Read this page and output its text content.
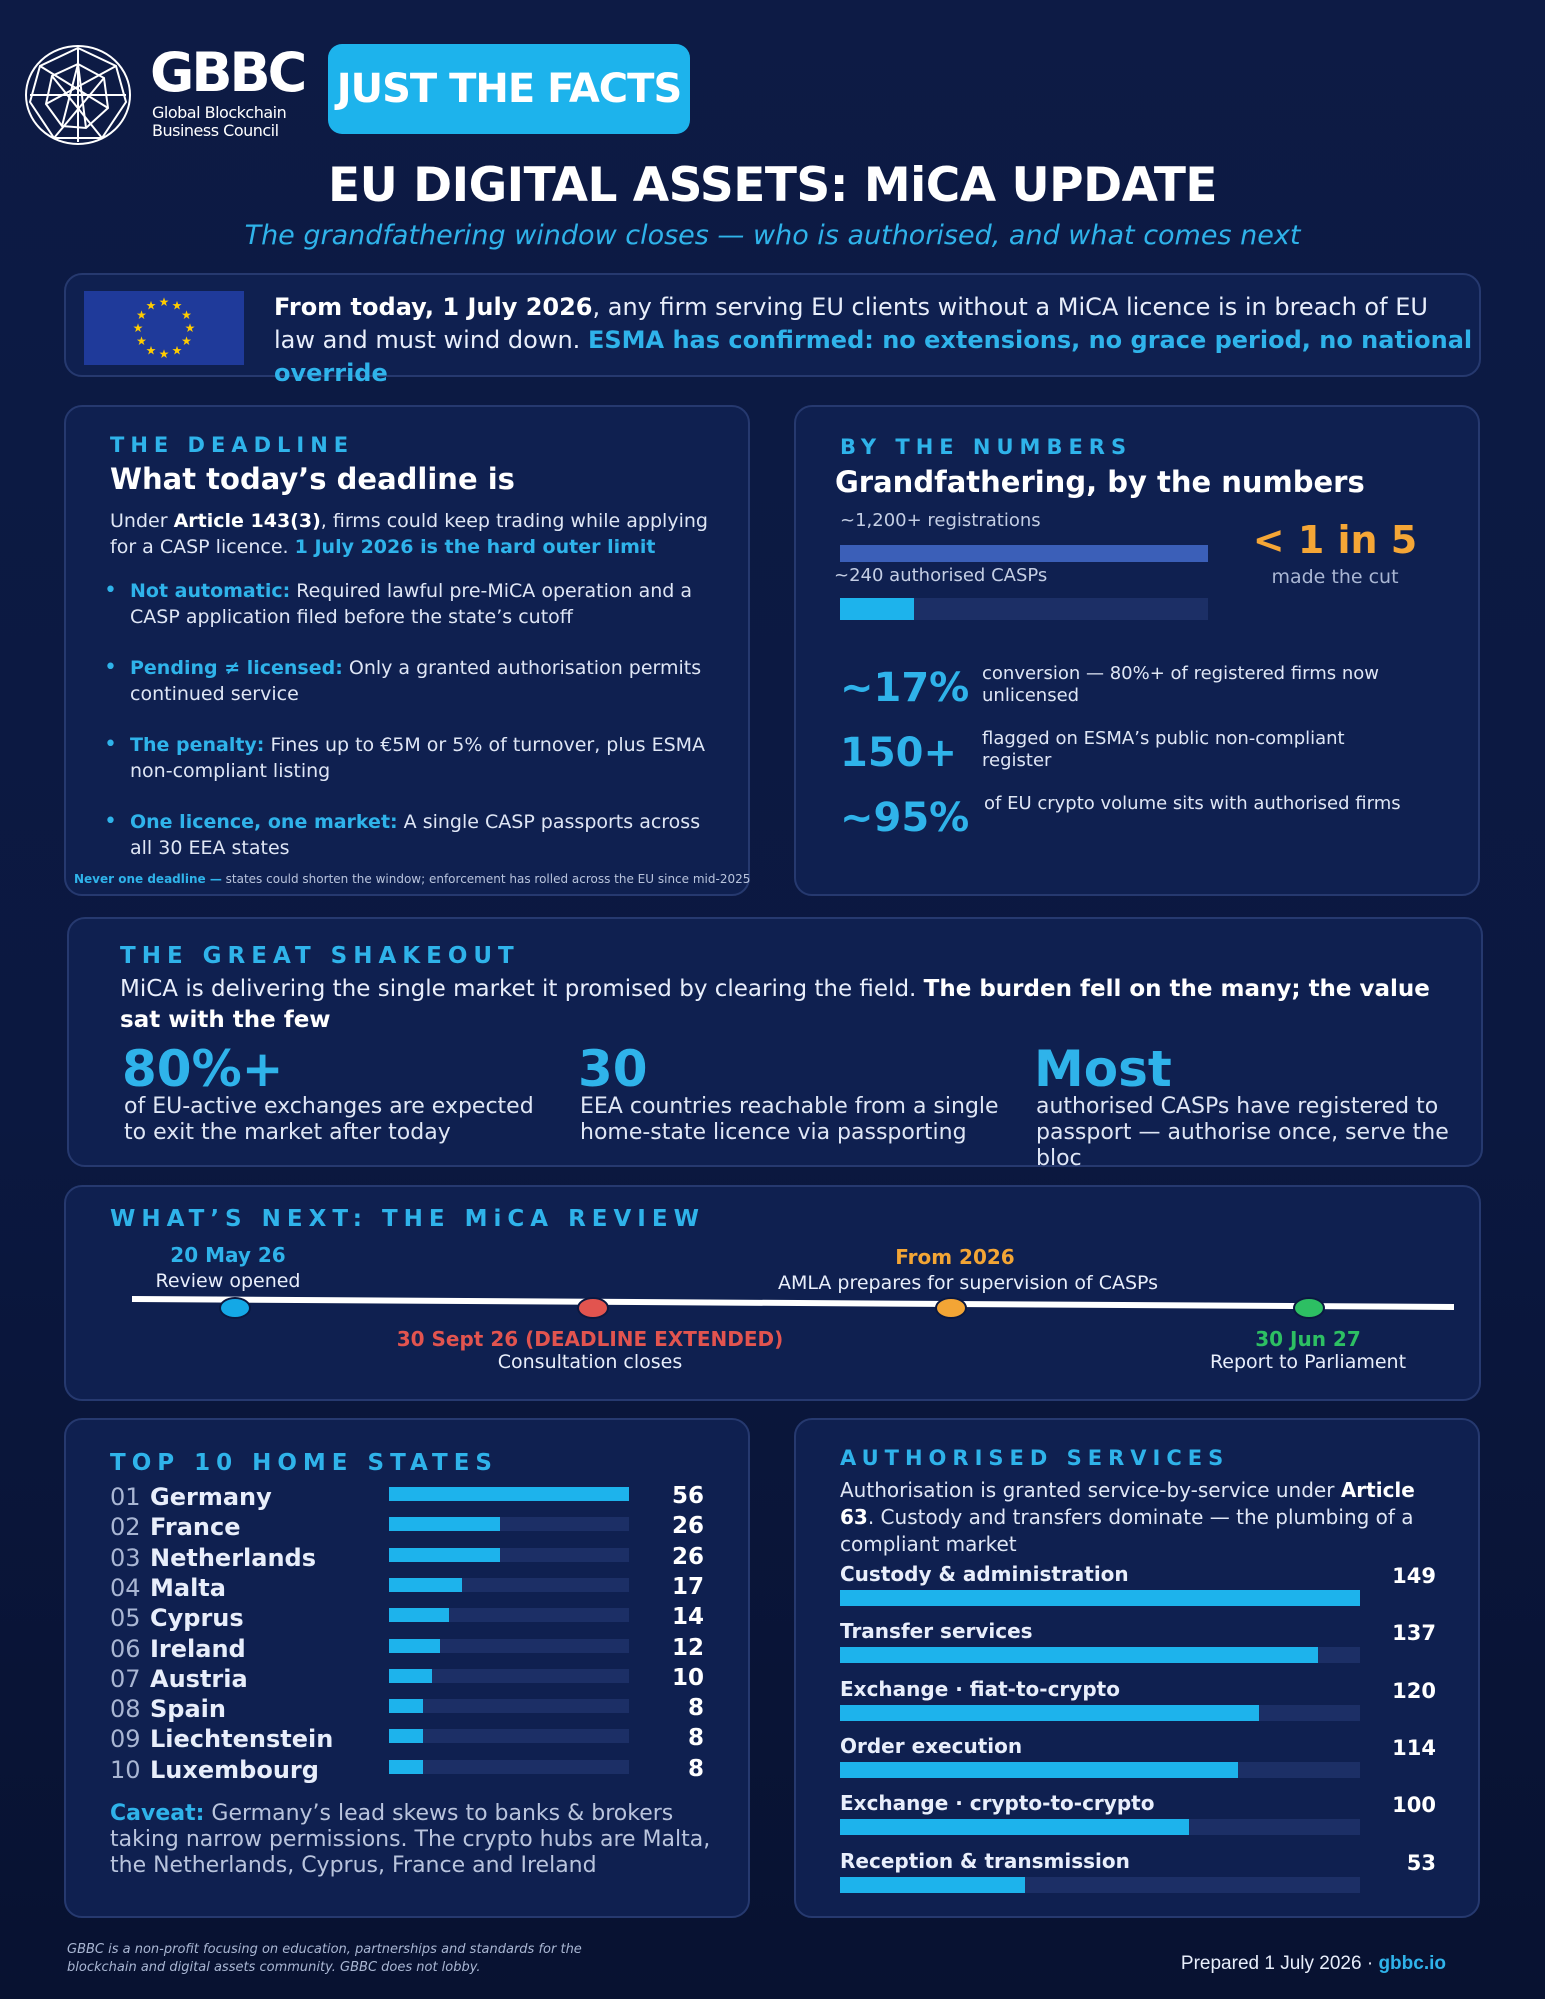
GBBC
Global Blockchain
Business Council
JUST THE FACTS
EU DIGITAL ASSETS: MiCA UPDATE
The grandfathering window closes — who is authorised, and what comes next
★ ★
★
★
★
★
★
★
★
★
★
★	From today, 1 July 2026, any firm serving EU clients without a MiCA licence is in breach of EU law and must wind down. ESMA has confirmed: no extensions, no grace period, no national override
THE DEADLINE
What today’s deadline is
Under Article 143(3), firms could keep trading while applying for a CASP licence. 1 July 2026 is the hard outer limit
• Not automatic: Required lawful pre-MiCA operation and a CASP application filed before the state’s cutoff
• Pending ≠ licensed: Only a granted authorisation permits continued service
• The penalty: Fines up to €5M or 5% of turnover, plus ESMA non-compliant listing
• One licence, one market: A single CASP passports across all 30 EEA states
Never one deadline — states could shorten the window; enforcement has rolled across the EU since mid-2025
BY THE NUMBERS
Grandfathering, by the numbers
~1,200+ registrations
~240 authorised CASPs
< 1 in 5
made the cut
~17% conversion — 80%+ of registered firms now unlicensed
150+ flagged on ESMA’s public non-compliant register
~95% of EU crypto volume sits with authorised firms
THE GREAT SHAKEOUT
MiCA is delivering the single market it promised by clearing the field. The burden fell on the many; the value sat with the few
80%+
of EU-active exchanges are expected to exit the market after today
30
EEA countries reachable from a single home-state licence via passporting
Most
authorised CASPs have registered to passport — authorise once, serve the bloc
WHAT’S NEXT: THE MiCA REVIEW
20 May 26
Review opened
30 Sept 26 (DEADLINE EXTENDED)
Consultation closes
From 2026
AMLA prepares for supervision of CASPs
30 Jun 27
Report to Parliament
TOP 10 HOME STATES
01 Germany	56
02 France	26
03 Netherlands	26
04 Malta	17
05 Cyprus	14
06 Ireland	12
07 Austria	10
08 Spain	8
09 Liechtenstein	8
10 Luxembourg	8
Caveat: Germany’s lead skews to banks & brokers taking narrow permissions. The crypto hubs are Malta, the Netherlands, Cyprus, France and Ireland
AUTHORISED SERVICES
Authorisation is granted service-by-service under Article 63. Custody and transfers dominate — the plumbing of a compliant market
Custody & administration	149
Transfer services	137
Exchange · fiat-to-crypto	120
Order execution	114
Exchange · crypto-to-crypto	100
Reception & transmission	53
GBBC is a non-profit focusing on education, partnerships and standards for the blockchain and digital assets community. GBBC does not lobby.	Prepared 1 July 2026 · gbbc.io
